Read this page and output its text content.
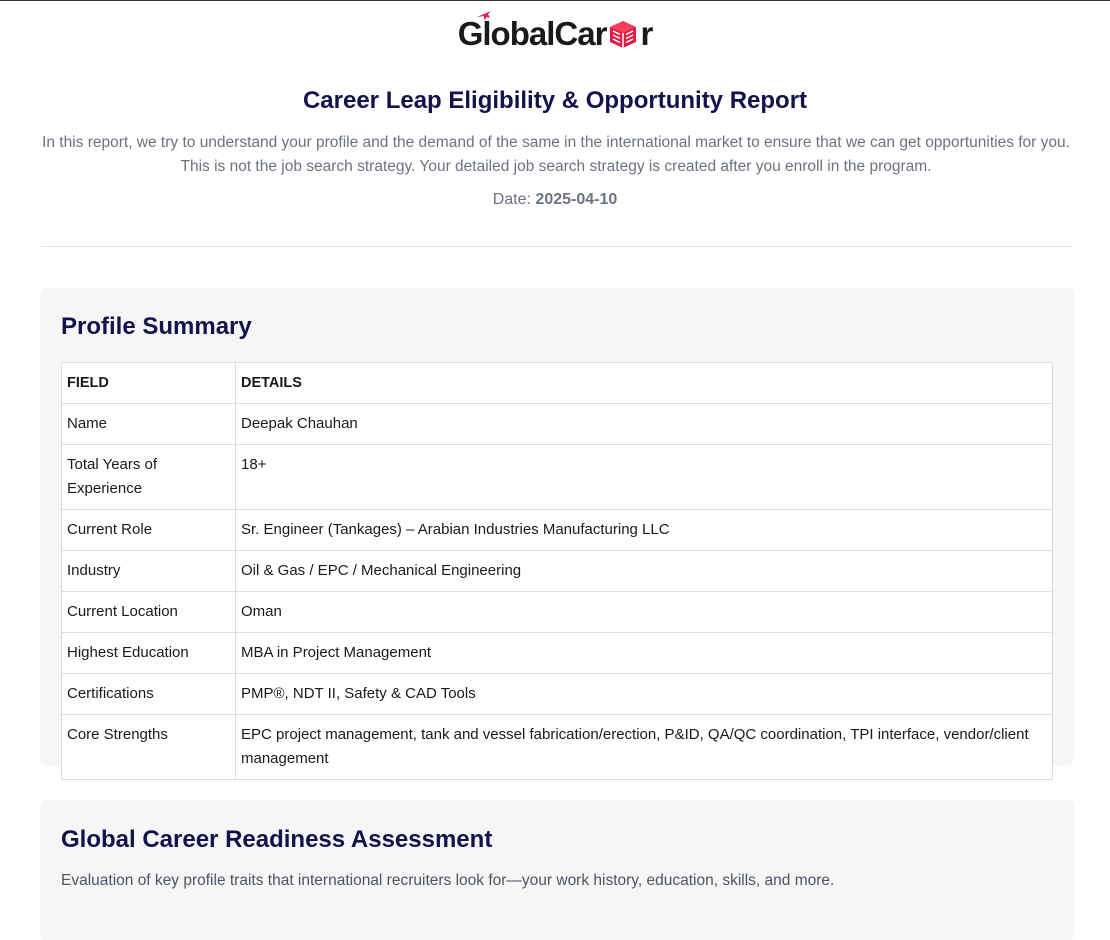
G lobalCar r
Career Leap Eligibility & Opportunity Report

In this report, we try to understand your profile and the demand of the same in the international market to ensure that we can get opportunities for you. This is not the job search strategy. Your detailed job search strategy is created after you enroll in the program.

Date: 2025-04-10
Profile Summary
FIELD	DETAILS
Name	Deepak Chauhan
Total Years of Experience	18+
Current Role	Sr. Engineer (Tankages) – Arabian Industries Manufacturing LLC
Industry	Oil & Gas / EPC / Mechanical Engineering
Current Location	Oman
Highest Education	MBA in Project Management
Certifications	PMP®, NDT II, Safety & CAD Tools
Core Strengths	EPC project management, tank and vessel fabrication/erection, P&ID, QA/QC coordination, TPI interface, vendor/client management
Global Career Readiness Assessment

Evaluation of key profile traits that international recruiters look for—your work history, education, skills, and more.
